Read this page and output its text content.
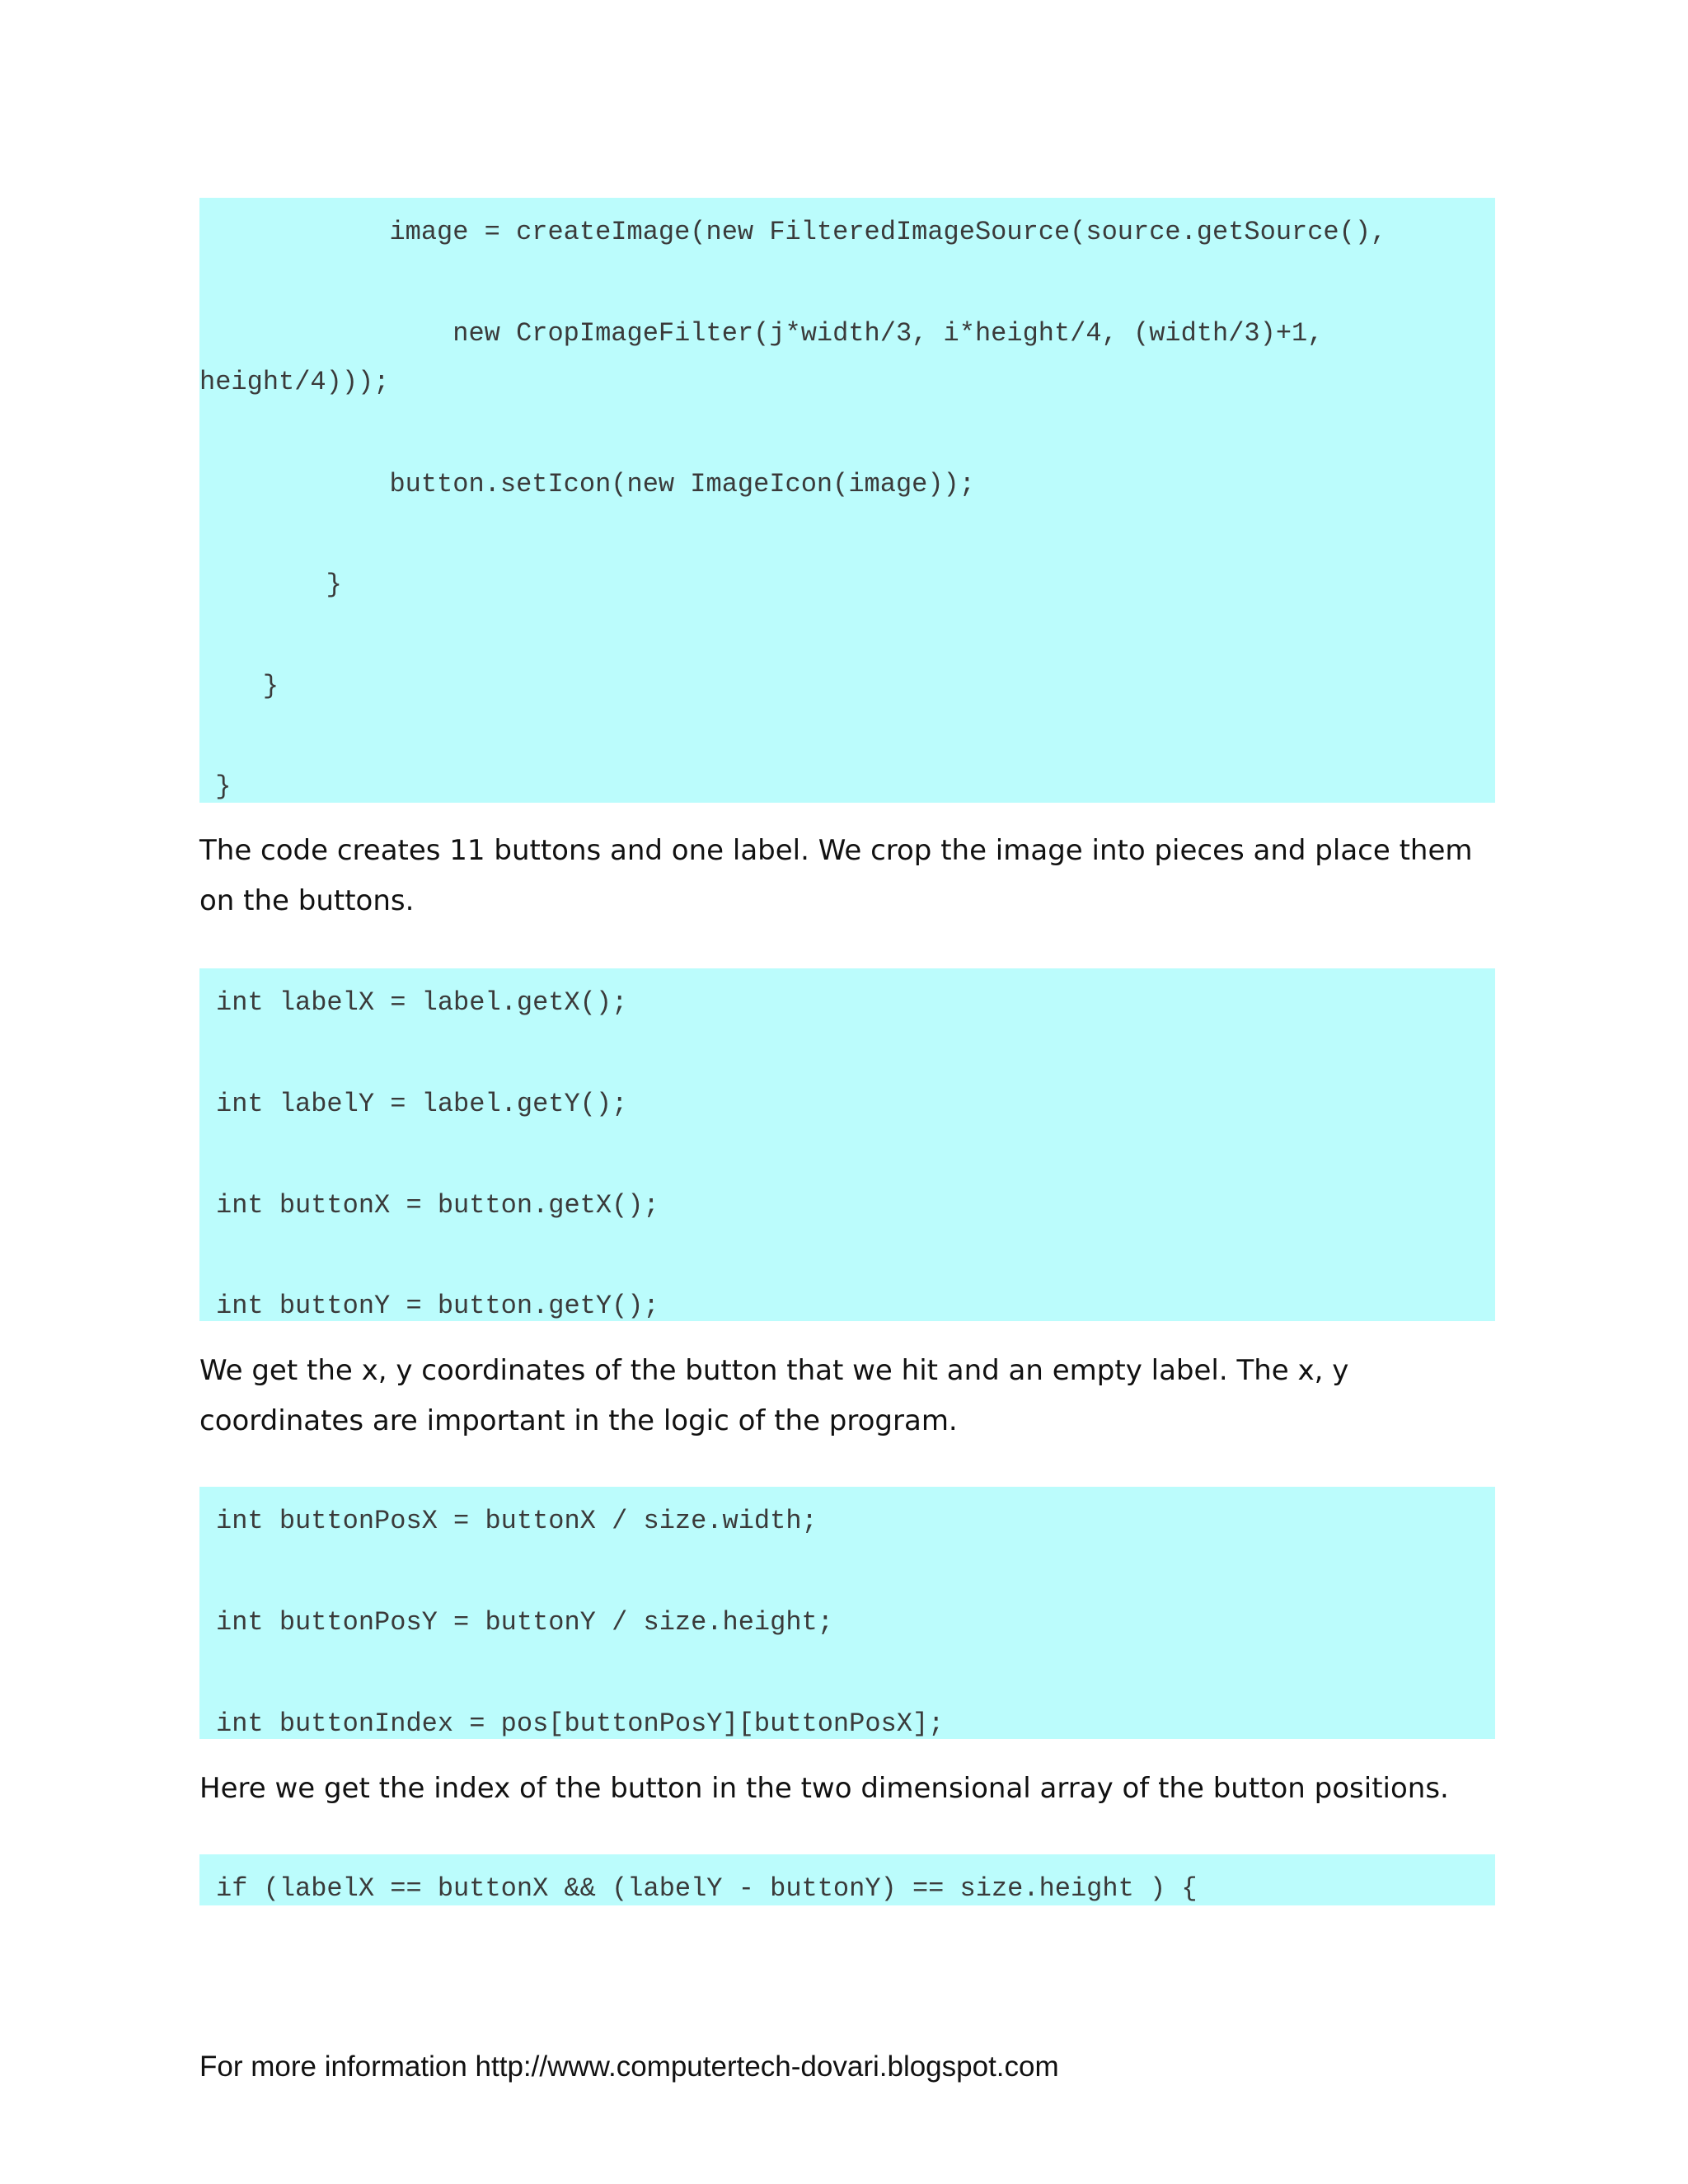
image = createImage(new FilteredImageSource(source.getSource(),
new CropImageFilter(j*width/3, i*height/4, (width/3)+1,
height/4)));
button.setIcon(new ImageIcon(image));
}
}
}

The code creates 11 buttons and one label. We crop the image into pieces and place them on the buttons.

int labelX = label.getX();
int labelY = label.getY();
int buttonX = button.getX();
int buttonY = button.getY();

We get the x, y coordinates of the button that we hit and an empty label. The x, y coordinates are important in the logic of the program.

int buttonPosX = buttonX / size.width;
int buttonPosY = buttonY / size.height;
int buttonIndex = pos[buttonPosY][buttonPosX];

Here we get the index of the button in the two dimensional array of the button positions.

if (labelX == buttonX && (labelY - buttonY) == size.height ) {
For more information http://www.computertech-dovari.blogspot.com
